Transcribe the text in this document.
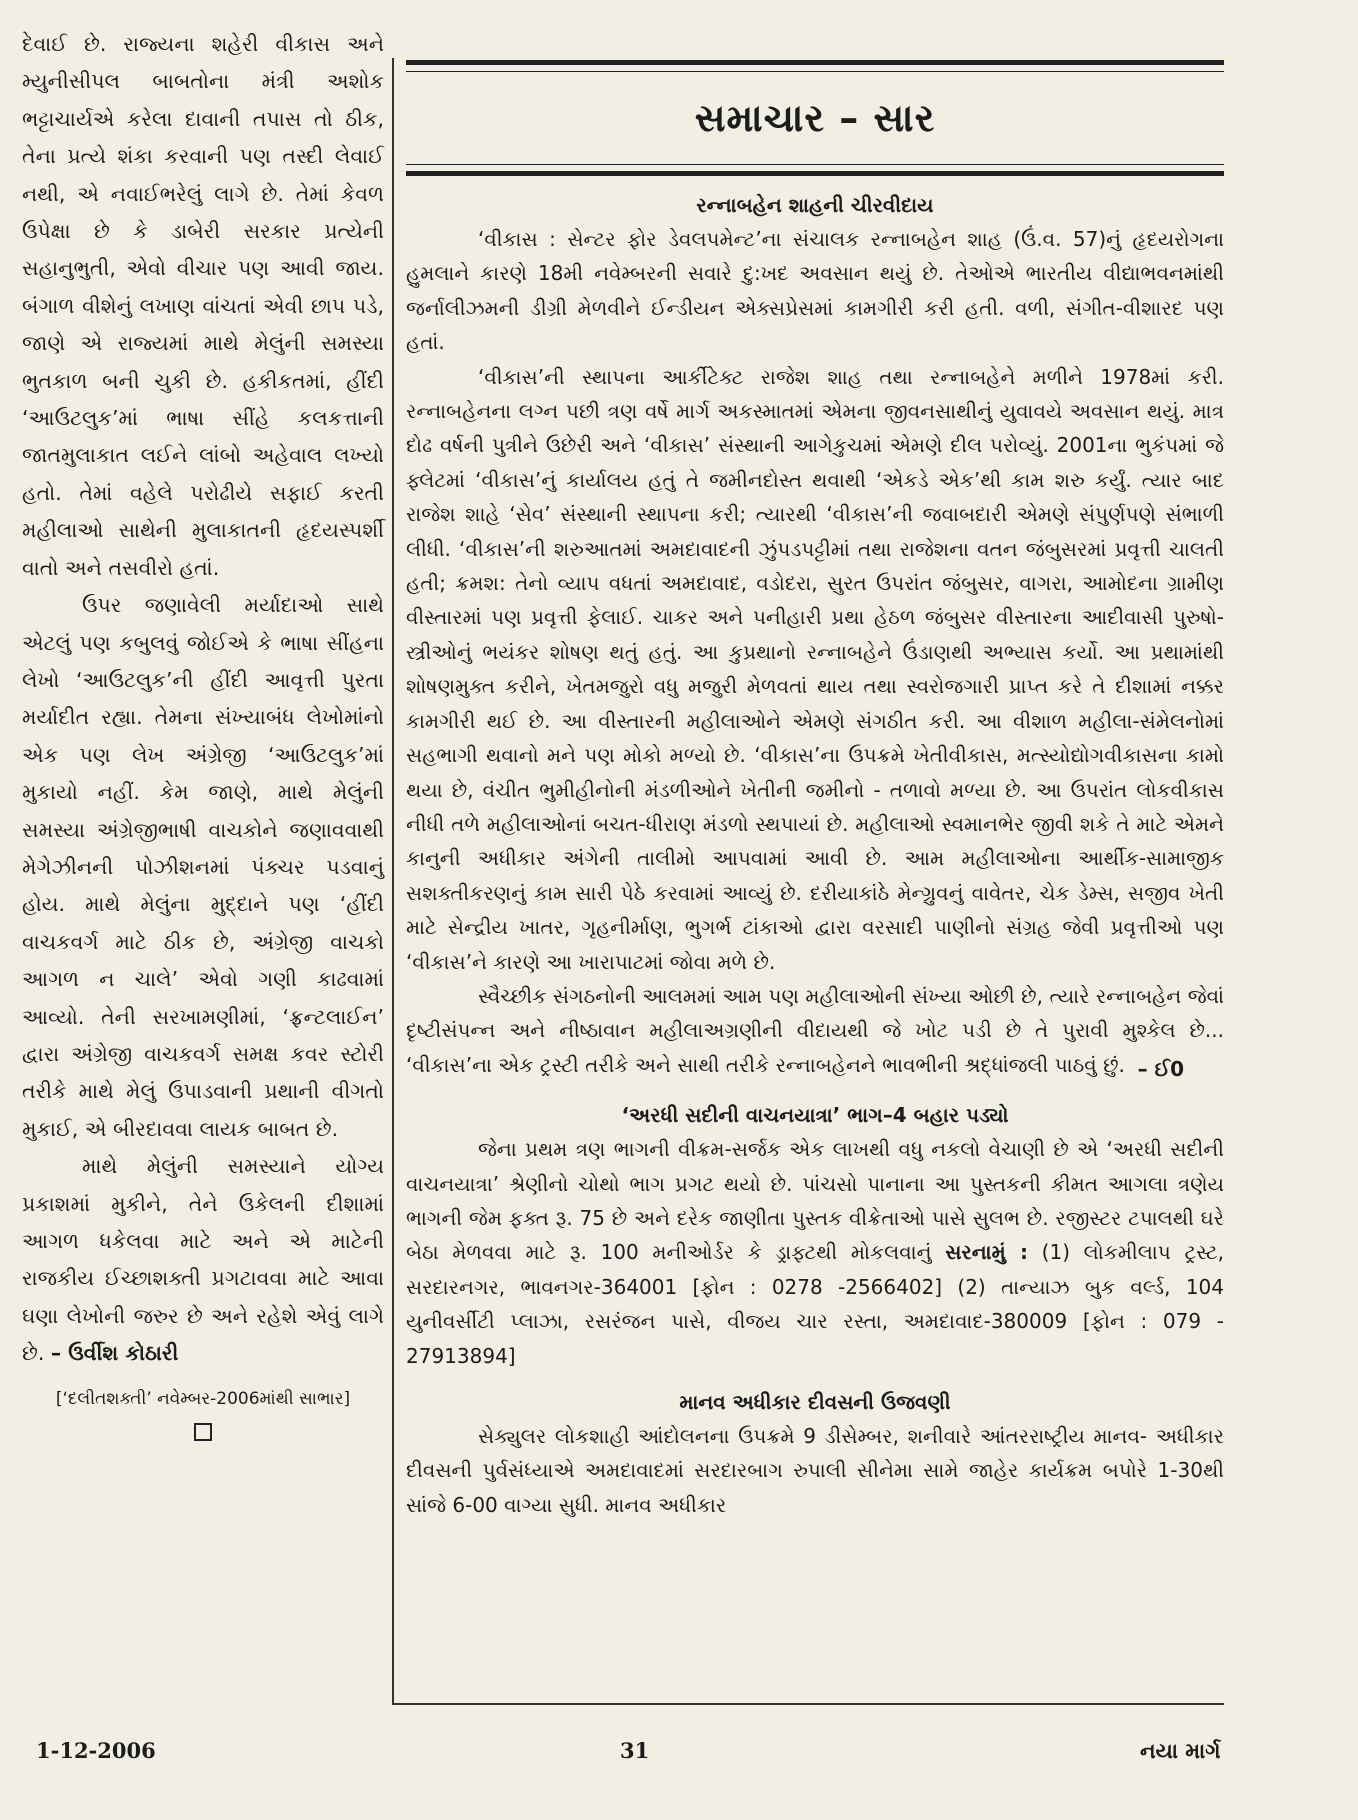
દેવાઈ છે. રાજ્યના શહેરી વીકાસ અને મ્યુનીસીપલ બાબતોના મંત્રી અશોક ભટ્ટાચાર્યએ કરેલા દાવાની તપાસ તો ઠીક, તેના પ્રત્યે શંકા કરવાની પણ તસ્દી લેવાઈ નથી, એ નવાઈભરેલું લાગે છે. તેમાં કેવળ ઉપેક્ષા છે કે ડાબેરી સરકાર પ્રત્યેની સહાનુભુતી, એવો વીચાર પણ આવી જાય. બંગાળ વીશેનું લખાણ વાંચતાં એવી છાપ પડે, જાણે એ રાજ્યમાં માથે મેલુંની સમસ્યા ભુતકાળ બની ચુકી છે. હકીકતમાં, હીંદી ‘આઉટલુક’માં ભાષા સીંહે કલકત્તાની જાતમુલાકાત લઈને લાંબો અહેવાલ લખ્યો હતો. તેમાં વહેલે પરોઢીયે સફાઈ કરતી મહીલાઓ સાથેની મુલાકાતની હૃદયસ્પર્શી વાતો અને તસવીરો હતાં.

ઉપર જણાવેલી મર્યાદાઓ સાથે એટલું પણ કબુલવું જોઈએ કે ભાષા સીંહના લેખો ‘આઉટલુક’ની હીંદી આવૃત્તી પુરતા મર્યાદીત રહ્યા. તેમના સંખ્યાબંધ લેખોમાંનો એક પણ લેખ અંગ્રેજી ‘આઉટલુક’માં મુકાયો નહીં. કેમ જાણે, માથે મેલુંની સમસ્યા અંગ્રેજીભાષી વાચકોને જણાવવાથી મેગેઝીનની પોઝીશનમાં પંક્ચર પડવાનું હોય. માથે મેલુંના મુદ્દાને પણ ‘હીંદી વાચકવર્ગ માટે ઠીક છે, અંગ્રેજી વાચકો આગળ ન ચાલે’ એવો ગણી કાઢવામાં આવ્યો. તેની સરખામણીમાં, ‘ફ્રન્ટલાઈન’ દ્વારા અંગ્રેજી વાચકવર્ગ સમક્ષ કવર સ્ટોરી તરીકે માથે મેલું ઉપાડવાની પ્રથાની વીગતો મુકાઈ, એ બીરદાવવા લાયક બાબત છે.

માથે મેલુંની સમસ્યાને યોગ્ય પ્રકાશમાં મુકીને, તેને ઉકેલની દીશામાં આગળ ધકેલવા માટે અને એ માટેની રાજકીય ઈચ્છાશક્તી પ્રગટાવવા માટે આવા ઘણા લેખોની જરુર છે અને રહેશે એવું લાગે છે. – ઉર્વીશ કોઠારી

[‘દલીતશક્તી’ નવેમ્બર-2006માંથી સાભાર]
સમાચાર – સાર
રન્નાબહેન શાહની ચીરવીદાય

‘વીકાસ : સેન્ટર ફોર ડેવલપમેન્ટ’ના સંચાલક રન્નાબહેન શાહ (ઉં.વ. 57)નું હૃદયરોગના હુમલાને કારણે 18મી નવેમ્બરની સવારે દુ:ખદ અવસાન થયું છે. તેઓએ ભારતીય વીદ્યાભવનમાંથી જર્નાલીઝમની ડીગ્રી મેળવીને ઈન્ડીયન એક્સપ્રેસમાં કામગીરી કરી હતી. વળી, સંગીત-વીશારદ પણ હતાં.

‘વીકાસ’ની સ્થાપના આર્કીટેક્ટ રાજેશ શાહ તથા રન્નાબહેને મળીને 1978માં કરી. રન્નાબહેનના લગ્ન પછી ત્રણ વર્ષે માર્ગ અકસ્માતમાં એમના જીવનસાથીનું યુવાવયે અવસાન થયું. માત્ર દોઢ વર્ષની પુત્રીને ઉછેરી અને ‘વીકાસ’ સંસ્થાની આગેકુચમાં એમણે દીલ પરોવ્યું. 2001ના ભુકંપમાં જે ફ્લેટમાં ‘વીકાસ’નું કાર્યાલય હતું તે જમીનદોસ્ત થવાથી ‘એકડે એક’થી કામ શરુ કર્યું. ત્યાર બાદ રાજેશ શાહે ‘સેવ’ સંસ્થાની સ્થાપના કરી; ત્યારથી ‘વીકાસ’ની જવાબદારી એમણે સંપુર્ણપણે સંભાળી લીધી. ‘વીકાસ’ની શરુઆતમાં અમદાવાદની ઝુંપડપટ્ટીમાં તથા રાજેશના વતન જંબુસરમાં પ્રવૃત્તી ચાલતી હતી; ક્રમશ: તેનો વ્યાપ વધતાં અમદાવાદ, વડોદરા, સુરત ઉપરાંત જંબુસર, વાગરા, આમોદના ગ્રામીણ વીસ્તારમાં પણ પ્રવૃત્તી ફેલાઈ. ચાકર અને પનીહારી પ્રથા હેઠળ જંબુસર વીસ્તારના આદીવાસી પુરુષો-સ્ત્રીઓનું ભયંકર શોષણ થતું હતું. આ કુપ્રથાનો રન્નાબહેને ઉંડાણથી અભ્યાસ કર્યો. આ પ્રથામાંથી શોષણમુક્ત કરીને, ખેતમજુરો વધુ મજુરી મેળવતાં થાય તથા સ્વરોજગારી પ્રાપ્ત કરે તે દીશામાં નક્કર કામગીરી થઈ છે. આ વીસ્તારની મહીલાઓને એમણે સંગઠીત કરી. આ વીશાળ મહીલા-સંમેલનોમાં સહભાગી થવાનો મને પણ મોકો મળ્યો છે. ‘વીકાસ’ના ઉપક્રમે ખેતીવીકાસ, મત્સ્યોદ્યોગવીકાસના કામો થયા છે, વંચીત ભુમીહીનોની મંડળીઓને ખેતીની જમીનો - તળાવો મળ્યા છે. આ ઉપરાંત લોકવીકાસ નીધી તળે મહીલાઓનાં બચત-ધીરાણ મંડળો સ્થપાયાં છે. મહીલાઓ સ્વમાનભેર જીવી શકે તે માટે એમને કાનુની અધીકાર અંગેની તાલીમો આપવામાં આવી છે. આમ મહીલાઓના આર્થીક-સામાજીક સશક્તીકરણનું કામ સારી પેઠે કરવામાં આવ્યું છે. દરીયાકાંઠે મેન્ગ્રુવનું વાવેતર, ચેક ડેમ્સ, સજીવ ખેતી માટે સેન્દ્રીય ખાતર, ગૃહનીર્માણ, ભુગર્ભ ટાંકાઓ દ્વારા વરસાદી પાણીનો સંગ્રહ જેવી પ્રવૃત્તીઓ પણ ‘વીકાસ’ને કારણે આ ખારાપાટમાં જોવા મળે છે.

સ્વૈચ્છીક સંગઠનોની આલમમાં આમ પણ મહીલાઓની સંખ્યા ઓછી છે, ત્યારે રન્નાબહેન જેવાં દૃષ્ટીસંપન્ન અને નીષ્ઠાવાન મહીલાઅગ્રણીની વીદાયથી જે ખોટ પડી છે તે પુરાવી મુશ્કેલ છે... ‘વીકાસ’ના એક ટ્રસ્ટી તરીકે અને સાથી તરીકે રન્નાબહેનને ભાવભીની શ્રદ્ધાંજલી પાઠવું છું. – ઈ0
‘અરધી સદીની વાચનયાત્રા’ ભાગ–4 બહાર પડ્યો

જેના પ્રથમ ત્રણ ભાગની વીક્રમ-સર્જક એક લાખથી વધુ નકલો વેચાણી છે એ ‘અરધી સદીની વાચનયાત્રા’ શ્રેણીનો ચોથો ભાગ પ્રગટ થયો છે. પાંચસો પાનાના આ પુસ્તકની કીમત આગલા ત્રણેય ભાગની જેમ ફક્ત રૂ. 75 છે અને દરેક જાણીતા પુસ્તક વીક્રેતાઓ પાસે સુલભ છે. રજીસ્ટર ટપાલથી ઘરે બેઠા મેળવવા માટે રૂ. 100 મનીઓર્ડર કે ડ્રાફ્ટથી મોકલવાનું સરનામું : (1) લોકમીલાપ ટ્રસ્ટ, સરદારનગર, ભાવનગર-364001 [ફોન : 0278 -2566402] (2) તાન્યાઝ બુક વર્લ્ડ, 104 યુનીવર્સીટી પ્લાઝા, રસરંજન પાસે, વીજય ચાર રસ્તા, અમદાવાદ-380009 [ફોન : 079 - 27913894]

માનવ અધીકાર દીવસની ઉજવણી

સેક્યુલર લોકશાહી આંદોલનના ઉપક્રમે 9 ડીસેમ્બર, શનીવારે આંતરરાષ્ટ્રીય માનવ- અધીકાર દીવસની પુર્વસંધ્યાએ અમદાવાદમાં સરદારબાગ રુપાલી સીનેમા સામે જાહેર કાર્યક્રમ બપોરે 1-30થી સાંજે 6-00 વાગ્યા સુધી. માનવ અધીકાર

1-12-2006	31	નયા માર્ગ
